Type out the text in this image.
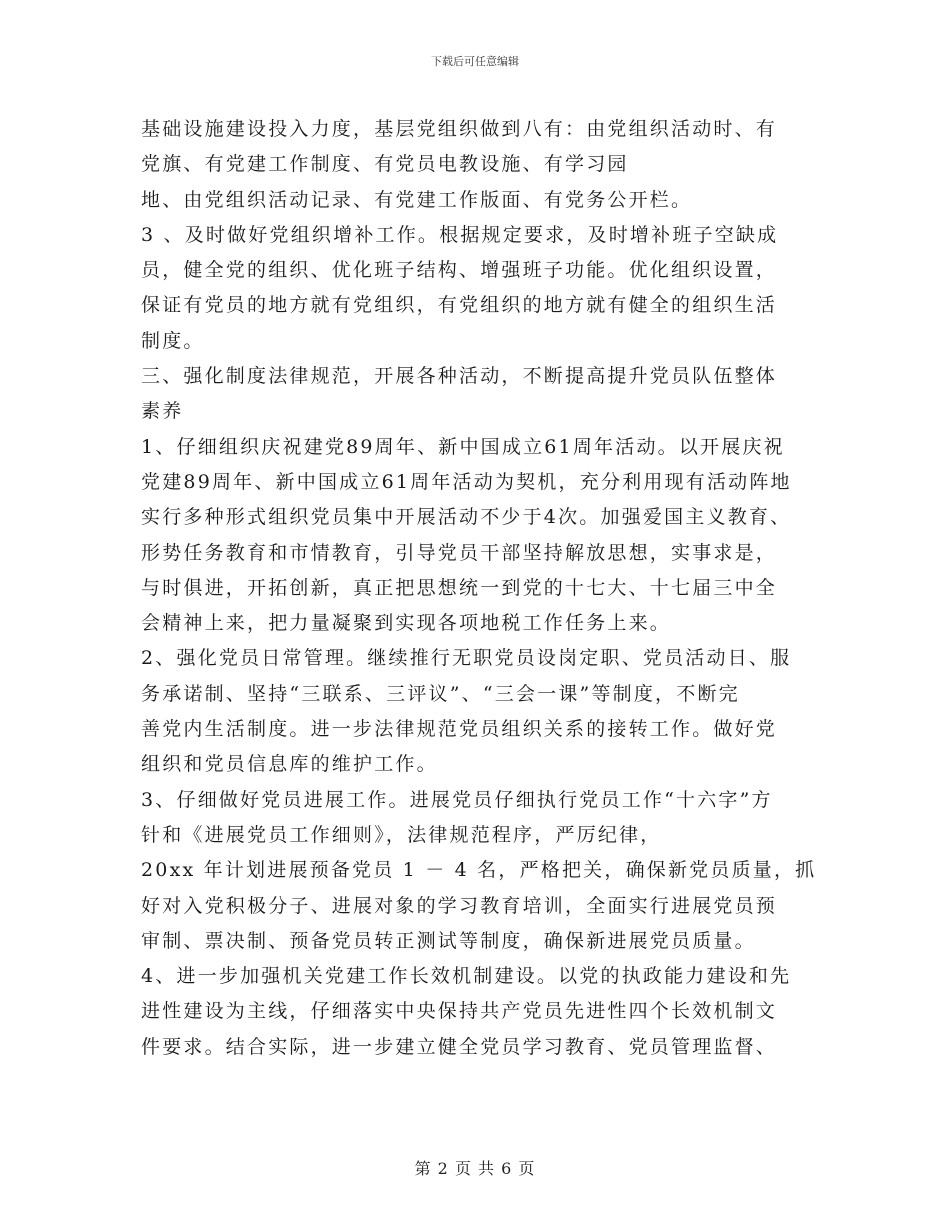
下载后可任意编辑
基础设施建设投入力度，基层党组织做到八有：由党组织活动时、有
党旗、有党建工作制度、有党员电教设施、有学习园
地、由党组织活动记录、有党建工作版面、有党务公开栏。
3 、及时做好党组织增补工作。根据规定要求，及时增补班子空缺成
员，健全党的组织、优化班子结构、增强班子功能。优化组织设置，
保证有党员的地方就有党组织，有党组织的地方就有健全的组织生活
制度。
三、强化制度法律规范，开展各种活动，不断提高提升党员队伍整体
素养
1、仔细组织庆祝建党89周年、新中国成立61周年活动。以开展庆祝
党建89周年、新中国成立61周年活动为契机，充分利用现有活动阵地
实行多种形式组织党员集中开展活动不少于4次。加强爱国主义教育、
形势任务教育和市情教育，引导党员干部坚持解放思想，实事求是，
与时俱进，开拓创新，真正把思想统一到党的十七大、十七届三中全
会精神上来，把力量凝聚到实现各项地税工作任务上来。
2、强化党员日常管理。继续推行无职党员设岗定职、党员活动日、服
务承诺制、坚持“三联系、三评议”、“三会一课”等制度，不断完
善党内生活制度。进一步法律规范党员组织关系的接转工作。做好党
组织和党员信息库的维护工作。
3、仔细做好党员进展工作。进展党员仔细执行党员工作“十六字”方
针和《进展党员工作细则》，法律规范程序，严厉纪律，
20xx 年计划进展预备党员 1 － 4 名，严格把关，确保新党员质量，抓
好对入党积极分子、进展对象的学习教育培训，全面实行进展党员预
审制、票决制、预备党员转正测试等制度，确保新进展党员质量。
4、进一步加强机关党建工作长效机制建设。以党的执政能力建设和先
进性建设为主线，仔细落实中央保持共产党员先进性四个长效机制文
件要求。结合实际，进一步建立健全党员学习教育、党员管理监督、
第 2 页 共 6 页
